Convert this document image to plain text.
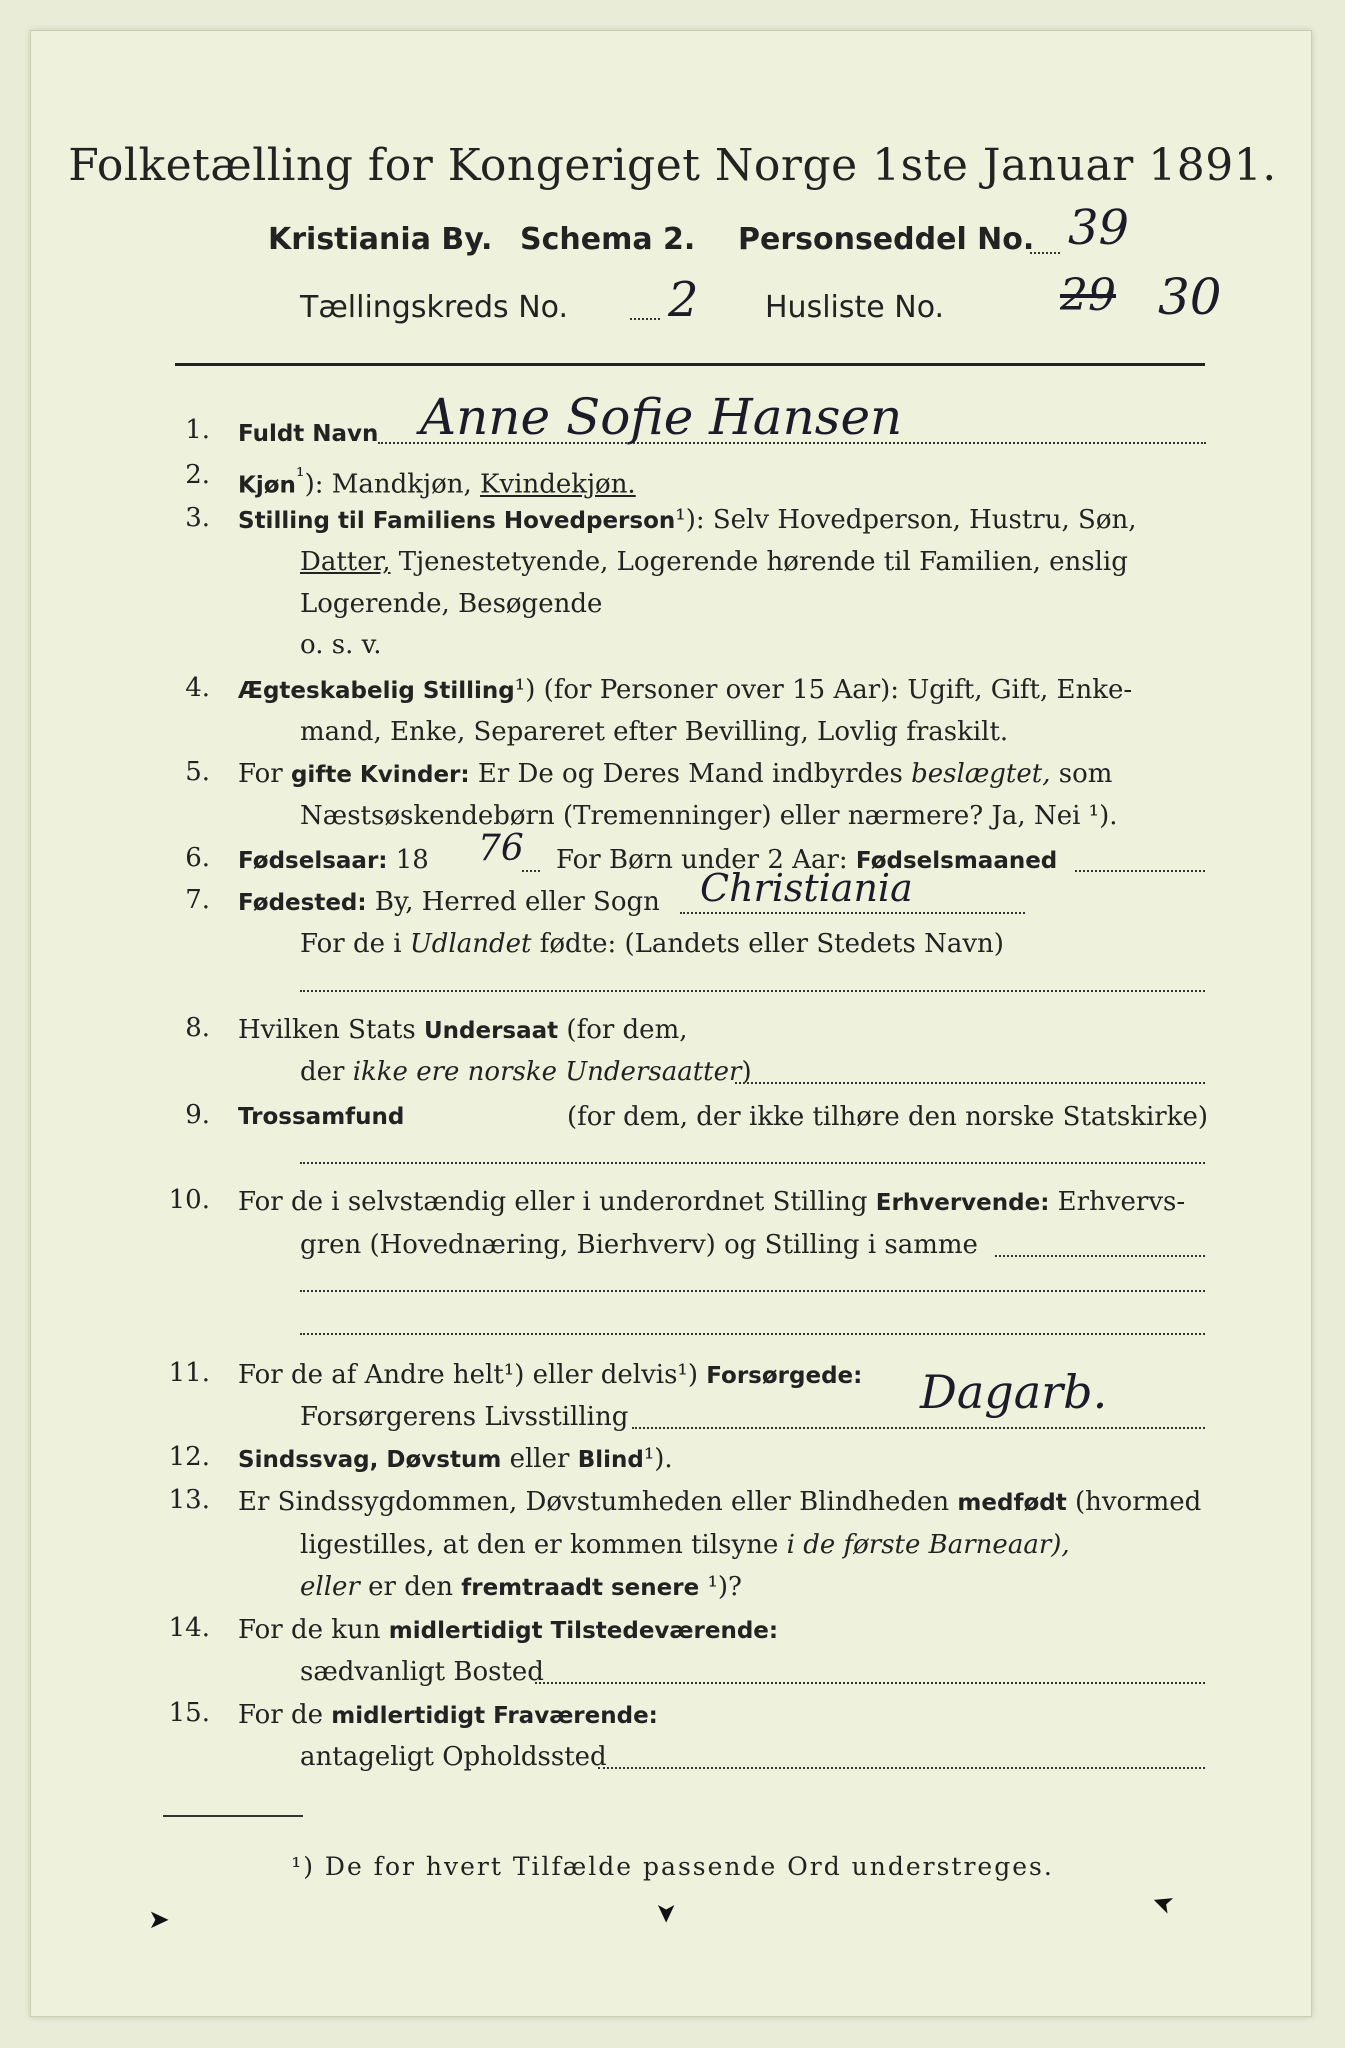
Folketælling for Kongeriget Norge 1ste Januar 1891.
Kristiania By. Schema 2. Personseddel No. 39
Tællingskreds No. 2 Husliste No.	29 30
1. Fuldt Navn Anne Sofie Hansen
2. Kjøn$^{^1}$): Mandkjøn, Kvindekjøn.
3. Stilling til Familiens Hovedperson¹): Selv Hovedperson, Hustru, Søn,
Datter, Tjenestetyende, Logerende hørende til Familien, enslig
Logerende, Besøgende
o. s. v.
4. Ægteskabelig Stilling¹) (for Personer over 15 Aar): Ugift, Gift, Enke-
mand, Enke, Separeret efter Bevilling, Lovlig fraskilt.
5. For gifte Kvinder: Er De og Deres Mand indbyrdes beslægtet, som
Næstsøskendebørn (Tremenninger) eller nærmere? Ja, Nei ¹).
6. Fødselsaar: 18 76 For Børn under 2 Aar: Fødselsmaaned
7. Fødested: By, Herred eller Sogn Christiania
For de i Udlandet fødte: (Landets eller Stedets Navn)
8. Hvilken Stats Undersaat (for dem,
der ikke ere norske Undersaatter)
9. Trossamfund	(for dem, der ikke tilhøre den norske Statskirke)
10. For de i selvstændig eller i underordnet Stilling Erhvervende: Erhvervs-
gren (Hovednæring, Bierhverv) og Stilling i samme
11. For de af Andre helt¹) eller delvis¹) Forsørgede: Dagarb.
Forsørgerens Livsstilling
12. Sindssvag, Døvstum eller Blind¹).
13. Er Sindssygdommen, Døvstumheden eller Blindheden medfødt (hvormed
ligestilles, at den er kommen tilsyne i de første Barneaar),
eller er den fremtraadt senere ¹)?
14. For de kun midlertidigt Tilstedeværende:
sædvanligt Bosted
15. For de midlertidigt Fraværende:
antageligt Opholdssted
¹) De for hvert Tilfælde passende Ord understreges.
➤	➤	➤
